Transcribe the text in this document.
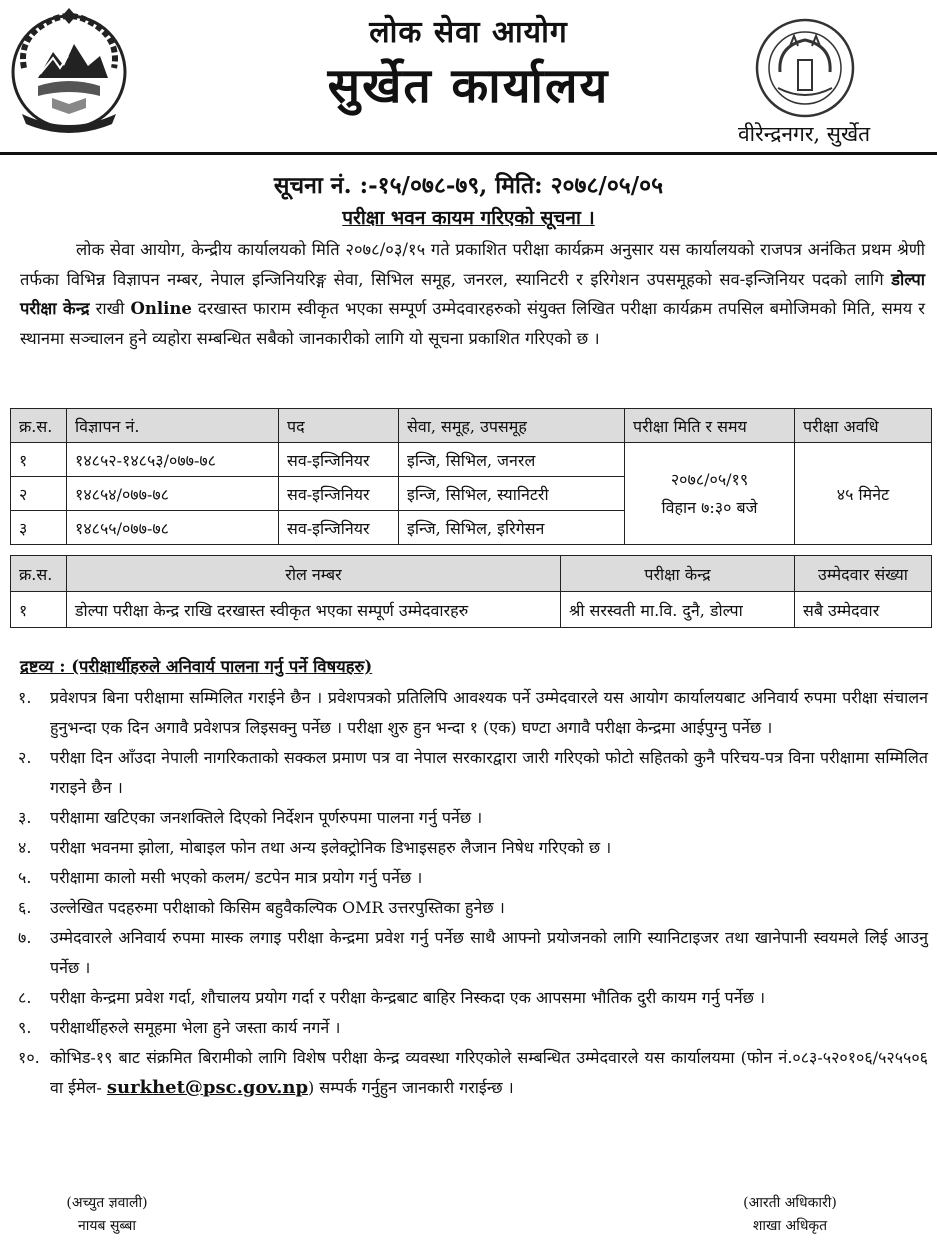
लोक सेवा आयोग
सुर्खेत कार्यालय
वीरेन्द्रनगर, सुर्खेत
सूचना नं. :-१५/०७८-७९, मिति: २०७८/०५/०५
परीक्षा भवन कायम गरिएको सूचना ।

लोक सेवा आयोग, केन्द्रीय कार्यालयको मिति २०७८/०३/१५ गते प्रकाशित परीक्षा कार्यक्रम अनुसार यस कार्यालयको राजपत्र अनंकित प्रथम श्रेणी तर्फका विभिन्न विज्ञापन नम्बर, नेपाल इन्जिनियरिङ्ग सेवा, सिभिल समूह, जनरल, स्यानिटरी र इरिगेशन उपसमूहको सव-इन्जिनियर पदको लागि डोल्पा परीक्षा केन्द्र राखी Online दरखास्त फाराम स्वीकृत भएका सम्पूर्ण उम्मेदवारहरुको संयुक्त लिखित परीक्षा कार्यक्रम तपसिल बमोजिमको मिति, समय र स्थानमा सञ्चालन हुने व्यहोरा सम्बन्धित सबैको जानकारीको लागि यो सूचना प्रकाशित गरिएको छ ।

क्र.स.	विज्ञापन नं.	पद	सेवा, समूह, उपसमूह	परीक्षा मिति र समय	परीक्षा अवधि
१	१४८५२-१४८५३/०७७-७८	सव-इन्जिनियर	इन्जि, सिभिल, जनरल	२०७८/०५/१९
विहान ७:३० बजे	४५ मिनेट
२	१४८५४/०७७-७८	सव-इन्जिनियर	इन्जि, सिभिल, स्यानिटरी		
३	१४८५५/०७७-७८	सव-इन्जिनियर	इन्जि, सिभिल, इरिगेसन		
क्र.स.	रोल नम्बर	परीक्षा केन्द्र	उम्मेदवार संख्या
१	डोल्पा परीक्षा केन्द्र राखि दरखास्त स्वीकृत भएका सम्पूर्ण उम्मेदवारहरु	श्री सरस्वती मा.वि. दुनै, डोल्पा	सबै उम्मेदवार
द्रष्टव्य : (परीक्षार्थीहरुले अनिवार्य पालना गर्नु पर्ने विषयहरु)
१.	प्रवेशपत्र बिना परीक्षामा सम्मिलित गराईने छैन । प्रवेशपत्रको प्रतिलिपि आवश्यक पर्ने उम्मेदवारले यस आयोग कार्यालयबाट अनिवार्य रुपमा परीक्षा संचालन हुनुभन्दा एक दिन अगावै प्रवेशपत्र लिइसक्नु पर्नेछ । परीक्षा शुरु हुन भन्दा १ (एक) घण्टा अगावै परीक्षा केन्द्रमा आईपुग्नु पर्नेछ ।
२.	परीक्षा दिन आँउदा नेपाली नागरिकताको सक्कल प्रमाण पत्र वा नेपाल सरकारद्वारा जारी गरिएको फोटो सहितको कुनै परिचय-पत्र विना परीक्षामा सम्मिलित गराइने छैन ।
३.	परीक्षामा खटिएका जनशक्तिले दिएको निर्देशन पूर्णरुपमा पालना गर्नु पर्नेछ ।
४.	परीक्षा भवनमा झोला, मोबाइल फोन तथा अन्य इलेक्ट्रोनिक डिभाइसहरु लैजान निषेध गरिएको छ ।
५.	परीक्षामा कालो मसी भएको कलम/ डटपेन मात्र प्रयोग गर्नु पर्नेछ ।
६.	उल्लेखित पदहरुमा परीक्षाको किसिम बहुवैकल्पिक OMR उत्तरपुस्तिका हुनेछ ।
७.	उम्मेदवारले अनिवार्य रुपमा मास्क लगाइ परीक्षा केन्द्रमा प्रवेश गर्नु पर्नेछ साथै आफ्नो प्रयोजनको लागि स्यानिटाइजर तथा खानेपानी स्वयमले लिई आउनु पर्नेछ ।
८.	परीक्षा केन्द्रमा प्रवेश गर्दा, शौचालय प्रयोग गर्दा र परीक्षा केन्द्रबाट बाहिर निस्कदा एक आपसमा भौतिक दुरी कायम गर्नु पर्नेछ ।
९.	परीक्षार्थीहरुले समूहमा भेला हुने जस्ता कार्य नगर्ने ।
१०. कोभिड-१९ बाट संक्रमित बिरामीको लागि विशेष परीक्षा केन्द्र व्यवस्था गरिएकोले सम्बन्धित उम्मेदवारले यस कार्यालयमा (फोन नं.०८३-५२०१०६/५२५५०६ वा ईमेल- surkhet@psc.gov.np) सम्पर्क गर्नुहुन जानकारी गराईन्छ ।
(अच्युत ज्ञवाली)
नायब सुब्बा
(आरती अधिकारी)
शाखा अधिकृत
